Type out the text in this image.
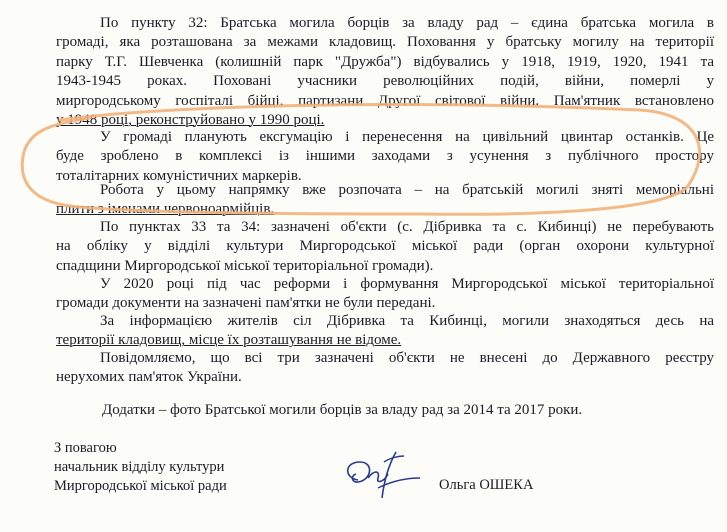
По пункту 32: Братська могила борців за владу рад – єдина братська могила в
громаді, яка розташована за межами кладовищ. Поховання у братську могилу на території
парку Т.Г. Шевченка (колишній парк "Дружба") відбувались у 1918, 1919, 1920, 1941 та
1943-1945 роках. Поховані учасники революційних подій, війни, померлі у
миргородському госпіталі бійці, партизани Другої світової війни. Пам'ятник встановлено
у 1948 році, реконструйовано у 1990 році.
У громаді планують ексгумацію і перенесення на цивільний цвинтар останків. Це
буде зроблено в комплексі із іншими заходами з усунення з публічного простору
тоталітарних комуністичних маркерів.
Робота у цьому напрямку вже розпочата – на братській могилі зняті меморіальні
плити з іменами червоноармійців.
По пунктах 33 та 34: зазначені об'єкти (с. Дібривка та с. Кибинці) не перебувають
на обліку у відділі культури Миргородської міської ради (орган охорони культурної
спадщини Миргородської міської територіальної громади).
У 2020 році під час реформи і формування Миргородської міської територіальної
громади документи на зазначені пам'ятки не були передані.
За інформацією жителів сіл Дібривка та Кибинці, могили знаходяться десь на
території кладовищ, місце їх розташування не відоме.
Повідомляємо, що всі три зазначені об'єкти не внесені до Державного реєстру
нерухомих пам'яток України.
Додатки – фото Братської могили борців за владу рад за 2014 та 2017 роки.
З повагою
начальник відділу культури
Миргородської міської ради	Ольга ОШЕКА
